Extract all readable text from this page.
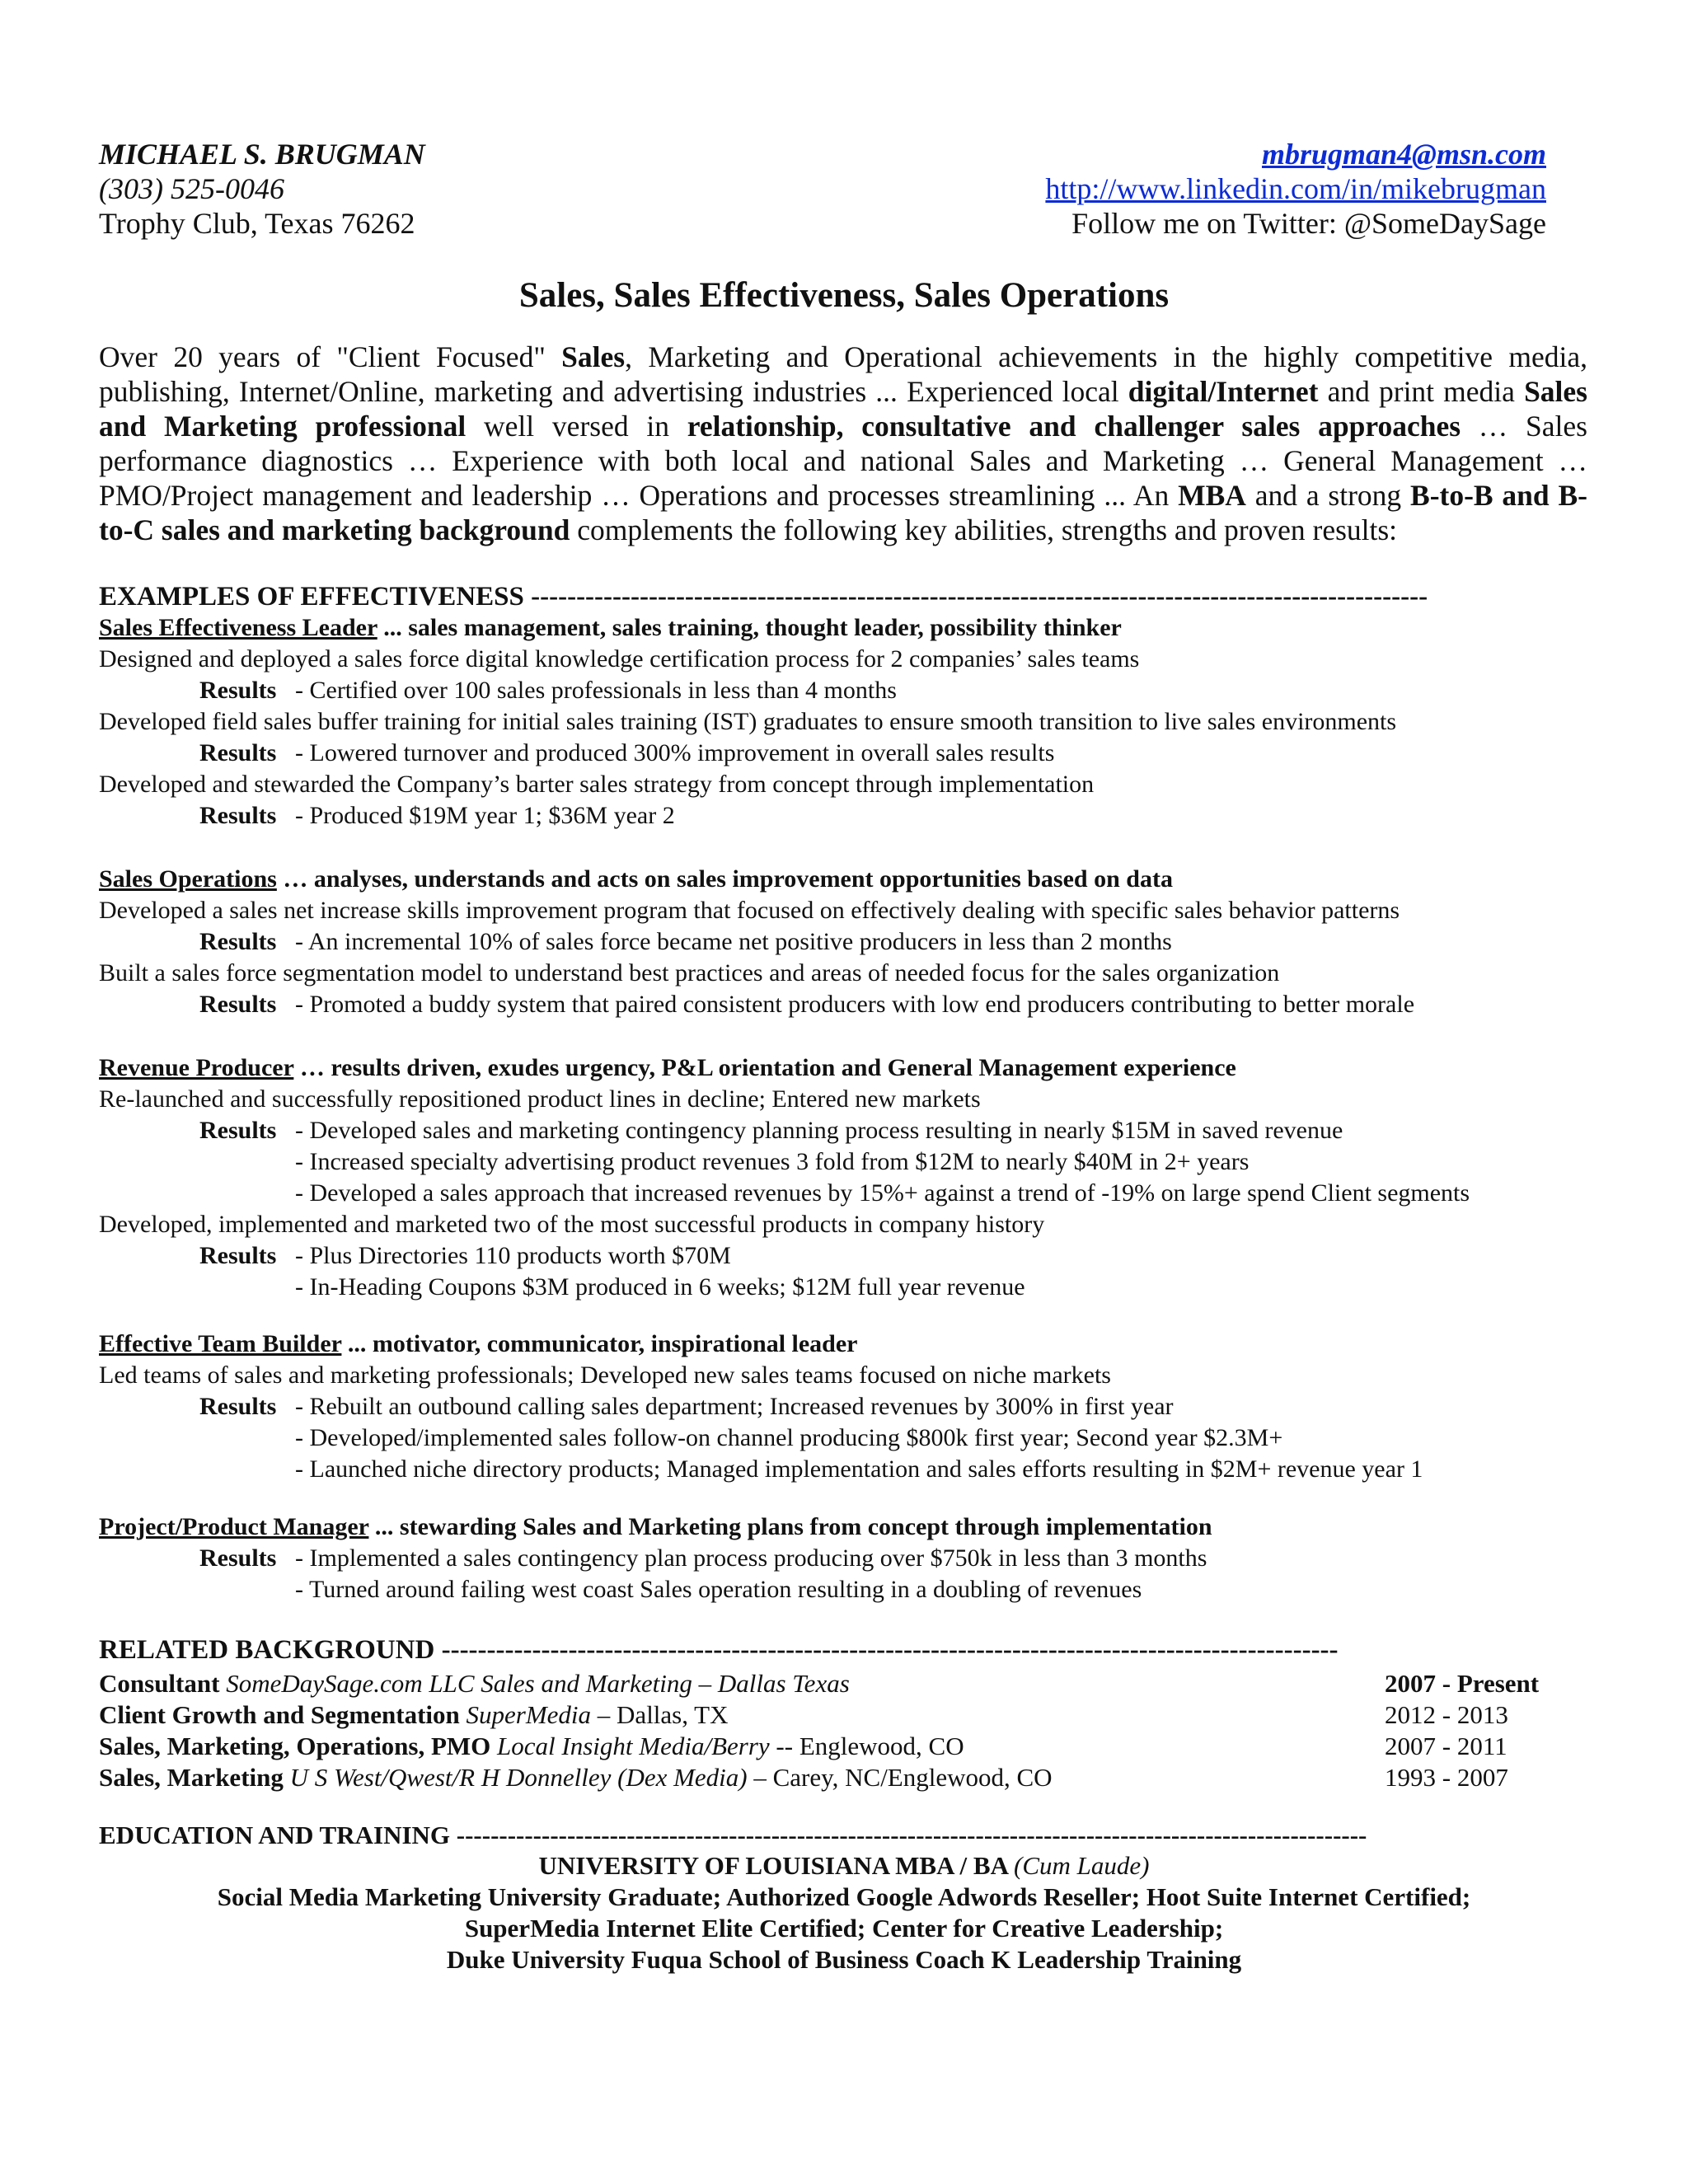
MICHAEL S. BRUGMAN
(303) 525-0046
Trophy Club, Texas 76262
mbrugman4@msn.com
http://www.linkedin.com/in/mikebrugman
Follow me on Twitter: @SomeDaySage
Sales, Sales Effectiveness, Sales Operations
Over 20 years of "Client Focused" Sales, Marketing and Operational achievements in the highly competitive media, publishing, Internet/Online, marketing and advertising industries ... Experienced local digital/Internet and print media Sales and Marketing professional well versed in relationship, consultative and challenger sales approaches … Sales performance diagnostics … Experience with both local and national Sales and Marketing … General Management … PMO/Project management and leadership … Operations and processes streamlining ... An MBA and a strong B-to-B and B-to-C sales and marketing background complements the following key abilities, strengths and proven results:
EXAMPLES OF EFFECTIVENESS ---------------------------------------------------------------------------------------------------
Sales Effectiveness Leader ... sales management, sales training, thought leader, possibility thinker
Designed and deployed a sales force digital knowledge certification process for 2 companies’ sales teams
Results - Certified over 100 sales professionals in less than 4 months
Developed field sales buffer training for initial sales training (IST) graduates to ensure smooth transition to live sales environments
Results - Lowered turnover and produced 300% improvement in overall sales results
Developed and stewarded the Company’s barter sales strategy from concept through implementation
Results - Produced $19M year 1; $36M year 2
Sales Operations … analyses, understands and acts on sales improvement opportunities based on data
Developed a sales net increase skills improvement program that focused on effectively dealing with specific sales behavior patterns
Results - An incremental 10% of sales force became net positive producers in less than 2 months
Built a sales force segmentation model to understand best practices and areas of needed focus for the sales organization
Results - Promoted a buddy system that paired consistent producers with low end producers contributing to better morale
Revenue Producer … results driven, exudes urgency, P&L orientation and General Management experience
Re-launched and successfully repositioned product lines in decline; Entered new markets
Results - Developed sales and marketing contingency planning process resulting in nearly $15M in saved revenue
- Increased specialty advertising product revenues 3 fold from $12M to nearly $40M in 2+ years
- Developed a sales approach that increased revenues by 15%+ against a trend of -19% on large spend Client segments
Developed, implemented and marketed two of the most successful products in company history
Results - Plus Directories 110 products worth $70M
- In-Heading Coupons $3M produced in 6 weeks; $12M full year revenue
Effective Team Builder ... motivator, communicator, inspirational leader
Led teams of sales and marketing professionals; Developed new sales teams focused on niche markets
Results - Rebuilt an outbound calling sales department; Increased revenues by 300% in first year
- Developed/implemented sales follow-on channel producing $800k first year; Second year $2.3M+
- Launched niche directory products; Managed implementation and sales efforts resulting in $2M+ revenue year 1
Project/Product Manager ... stewarding Sales and Marketing plans from concept through implementation
Results - Implemented a sales contingency plan process producing over $750k in less than 3 months
- Turned around failing west coast Sales operation resulting in a doubling of revenues
RELATED BACKGROUND ---------------------------------------------------------------------------------------------------
Consultant SomeDaySage.com LLC Sales and Marketing – Dallas Texas	2007 - Present
Client Growth and Segmentation SuperMedia – Dallas, TX	2012 - 2013
Sales, Marketing, Operations, PMO Local Insight Media/Berry -- Englewood, CO	2007 - 2011
Sales, Marketing U S West/Qwest/R H Donnelley (Dex Media) – Carey, NC/Englewood, CO	1993 - 2007
EDUCATION AND TRAINING -----------------------------------------------------------------------------------------------------------
UNIVERSITY OF LOUISIANA MBA / BA (Cum Laude)
Social Media Marketing University Graduate; Authorized Google Adwords Reseller; Hoot Suite Internet Certified;
SuperMedia Internet Elite Certified; Center for Creative Leadership;
Duke University Fuqua School of Business Coach K Leadership Training
